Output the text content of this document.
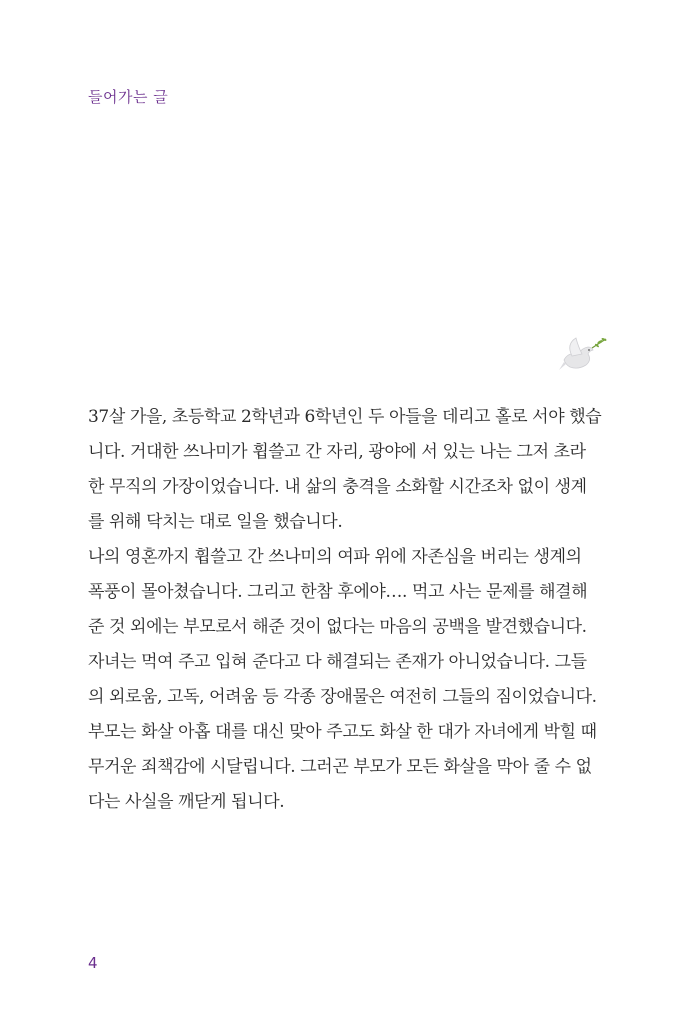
들어가는 글
37살 가을, 초등학교 2학년과 6학년인 두 아들을 데리고 홀로 서야 했습
니다. 거대한 쓰나미가 휩쓸고 간 자리, 광야에 서 있는 나는 그저 초라
한 무직의 가장이었습니다. 내 삶의 충격을 소화할 시간조차 없이 생계
를 위해 닥치는 대로 일을 했습니다.
나의 영혼까지 휩쓸고 간 쓰나미의 여파 위에 자존심을 버리는 생계의
폭풍이 몰아쳤습니다. 그리고 한참 후에야…. 먹고 사는 문제를 해결해
준 것 외에는 부모로서 해준 것이 없다는 마음의 공백을 발견했습니다.
자녀는 먹여 주고 입혀 준다고 다 해결되는 존재가 아니었습니다. 그들
의 외로움, 고독, 어려움 등 각종 장애물은 여전히 그들의 짐이었습니다.
부모는 화살 아홉 대를 대신 맞아 주고도 화살 한 대가 자녀에게 박힐 때
무거운 죄책감에 시달립니다. 그러곤 부모가 모든 화살을 막아 줄 수 없
다는 사실을 깨닫게 됩니다.
4
